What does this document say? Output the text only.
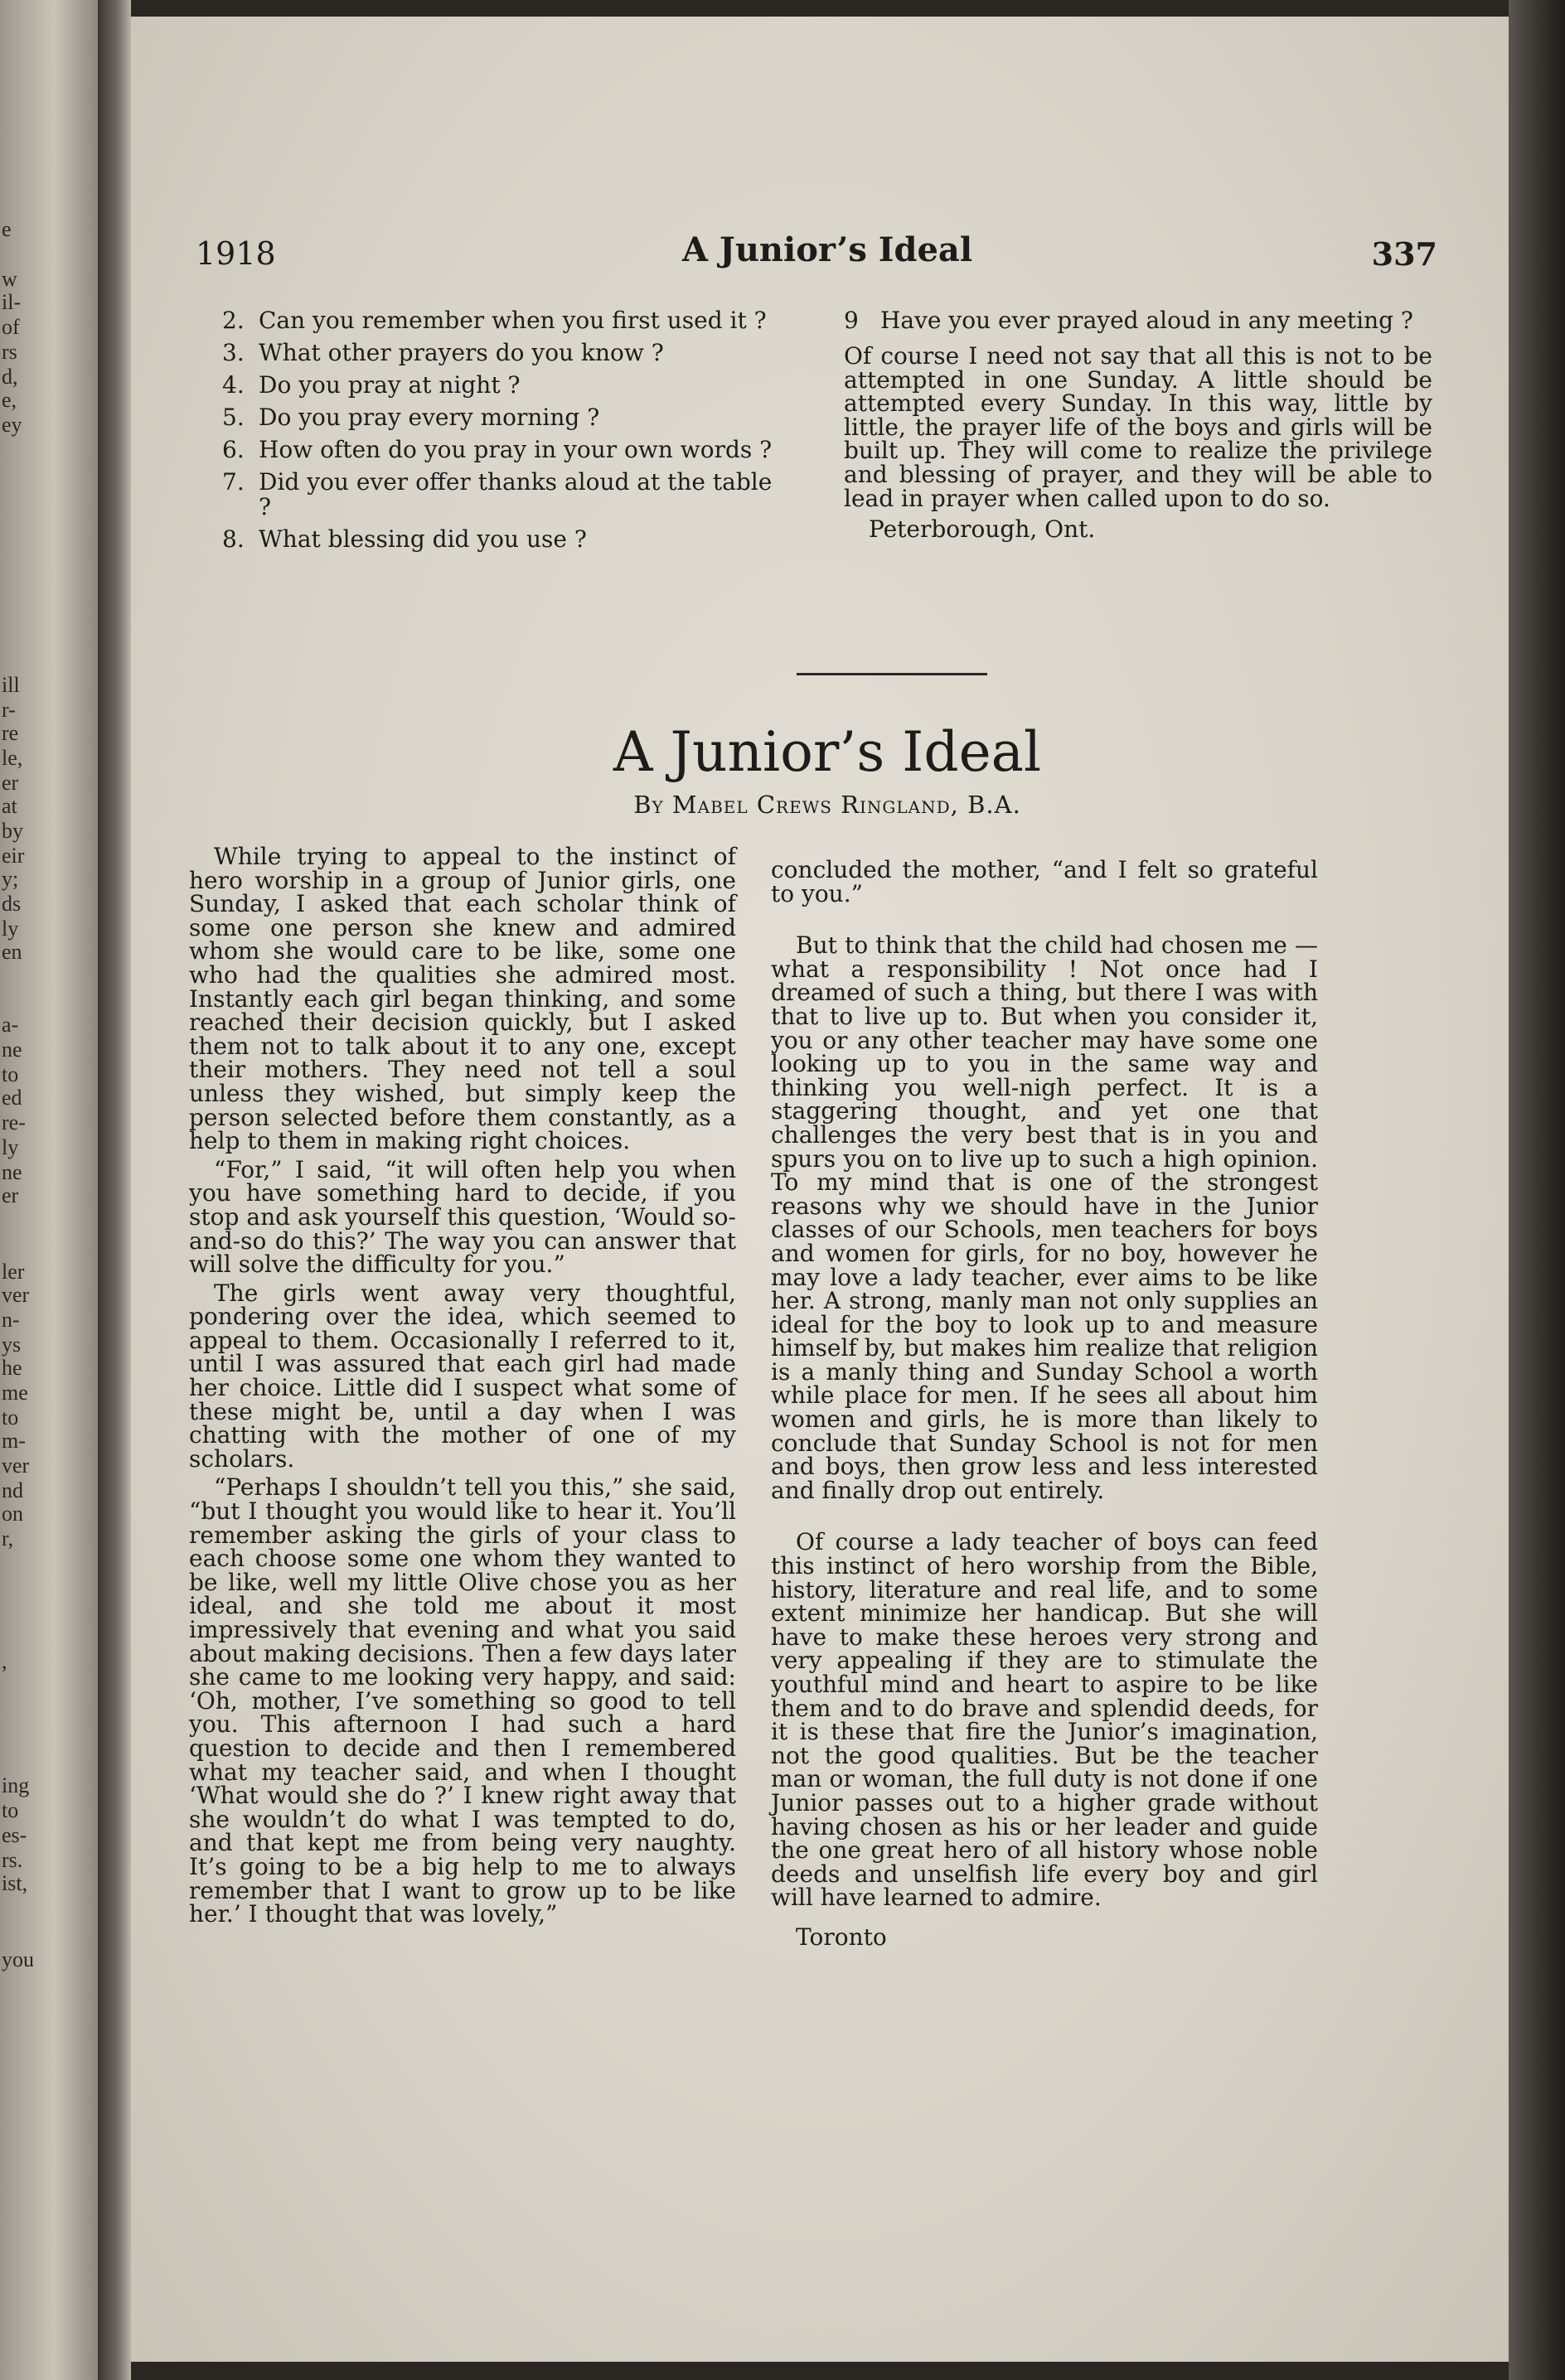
e
w
il-
of
rs
d,
e,
ey
ill
r-
re
le,
er
at
by
eir
y;
ds
ly
en
a-
ne
to
ed
re-
ly
ne
er
ler
ver
n-
ys
he
me
to
m-
ver
nd
on
r,
,
ing
to
es-
rs.
ist,
you
1918	A Junior’s Ideal	337
2. Can you remember when you first used it ?
3. What other prayers do you know ?
4. Do you pray at night ?
5. Do you pray every morning ?
6. How often do you pray in your own words ?
7. Did you ever offer thanks aloud at the table ?
8. What blessing did you use ?
9 Have you ever prayed aloud in any meeting ?

Of course I need not say that all this is not to be attempted in one Sunday. A little should be attempted every Sunday. In this way, little by little, the prayer life of the boys and girls will be built up. They will come to realize the privilege and blessing of prayer, and they will be able to lead in prayer when called upon to do so.

Peterborough, Ont.

A Junior’s Ideal
By Mabel Crews Ringland, B.A.

While trying to appeal to the instinct of hero worship in a group of Junior girls, one Sunday, I asked that each scholar think of some one person she knew and admired whom she would care to be like, some one who had the qualities she admired most. Instantly each girl began thinking, and some reached their decision quickly, but I asked them not to talk about it to any one, except their mothers. They need not tell a soul unless they wished, but simply keep the person selected before them constantly, as a help to them in making right choices.

“For,” I said, “it will often help you when you have something hard to decide, if you stop and ask yourself this question, ‘Would so-and-so do this?’ The way you can answer that will solve the difficulty for you.”

The girls went away very thoughtful, pondering over the idea, which seemed to appeal to them. Occasionally I referred to it, until I was assured that each girl had made her choice. Little did I suspect what some of these might be, until a day when I was chatting with the mother of one of my scholars.

“Perhaps I shouldn’t tell you this,” she said, “but I thought you would like to hear it. You’ll remember asking the girls of your class to each choose some one whom they wanted to be like, well my little Olive chose you as her ideal, and she told me about it most impressively that evening and what you said about making decisions. Then a few days later she came to me looking very happy, and said: ‘Oh, mother, I’ve something so good to tell you. This afternoon I had such a hard question to decide and then I remembered what my teacher said, and when I thought ‘What would she do ?’ I knew right away that she wouldn’t do what I was tempted to do, and that kept me from being very naughty. It’s going to be a big help to me to always remember that I want to grow up to be like her.’ I thought that was lovely,”

concluded the mother, “and I felt so grateful to you.”

But to think that the child had chosen me —what a responsibility ! Not once had I dreamed of such a thing, but there I was with that to live up to. But when you consider it, you or any other teacher may have some one looking up to you in the same way and thinking you well-nigh perfect. It is a staggering thought, and yet one that challenges the very best that is in you and spurs you on to live up to such a high opinion. To my mind that is one of the strongest reasons why we should have in the Junior classes of our Schools, men teachers for boys and women for girls, for no boy, however he may love a lady teacher, ever aims to be like her. A strong, manly man not only supplies an ideal for the boy to look up to and measure himself by, but makes him realize that religion is a manly thing and Sunday School a worth while place for men. If he sees all about him women and girls, he is more than likely to conclude that Sunday School is not for men and boys, then grow less and less interested and finally drop out entirely.

Of course a lady teacher of boys can feed this instinct of hero worship from the Bible, history, literature and real life, and to some extent minimize her handicap. But she will have to make these heroes very strong and very appealing if they are to stimulate the youthful mind and heart to aspire to be like them and to do brave and splendid deeds, for it is these that fire the Junior’s imagination, not the good qualities. But be the teacher man or woman, the full duty is not done if one Junior passes out to a higher grade without having chosen as his or her leader and guide the one great hero of all history whose noble deeds and unselfish life every boy and girl will have learned to admire.

Toronto
